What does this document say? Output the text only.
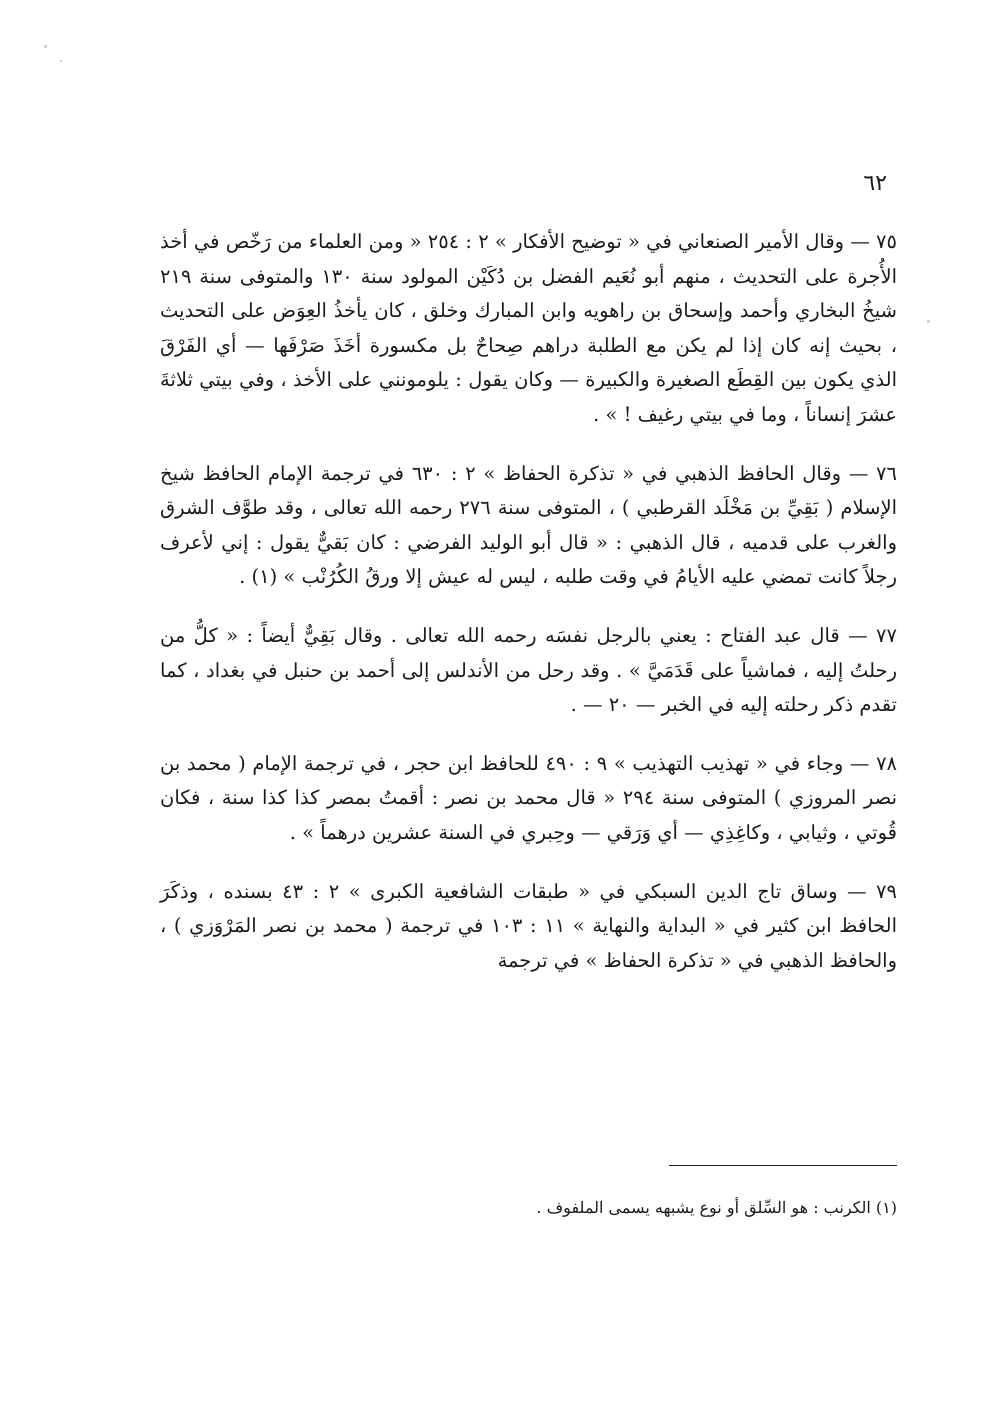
٦٢

٧٥ — وقال الأمير الصنعاني في « توضيح الأفكار » ٢ : ٢٥٤ « ومن العلماء من رَخّص في أخذ الأُجرة على التحديث ، منهم أبو نُعَيم الفضل بن دُكَيْن المولود سنة ١٣٠ والمتوفى سنة ٢١٩ شيخُ البخاري وأحمد وإسحاق بن راهويه وابن المبارك وخلق ، كان يأخذُ العِوَض على التحديث ، بحيث إنه كان إذا لم يكن مع الطلبة دراهم صِحاحٌ بل مكسورة أخَذَ صَرْفَها — أي الفَرْقَ الذي يكون بين القِطَع الصغيرة والكبيرة — وكان يقول : يلومونني على الأخذ ، وفي بيتي ثلاثةَ عشرَ إنساناً ، وما في بيتي رغيف ! » .

٧٦ — وقال الحافظ الذهبي في « تذكرة الحفاظ » ٢ : ٦٣٠ في ترجمة الإمام الحافظ شيخ الإسلام ( بَقِيِّ بن مَخْلَد القرطبي ) ، المتوفى سنة ٢٧٦ رحمه الله تعالى ، وقد طوَّف الشرق والغرب على قدميه ، قال الذهبي : « قال أبو الوليد الفرضي : كان بَقيٌّ يقول : إني لأعرف رجلاً كانت تمضي عليه الأيامُ في وقت طلبه ، ليس له عيش إلا ورقُ الكُرُنْب » (١) .

٧٧ — قال عبد الفتاح : يعني بالرجل نفسَه رحمه الله تعالى . وقال بَقِيٌّ أيضاً : « كلُّ من رحلتُ إليه ، فماشياً على قَدَمَيَّ » . وقد رحل من الأندلس إلى أحمد بن حنبل في بغداد ، كما تقدم ذكر رحلته إليه في الخبر — ٢٠ — .

٧٨ — وجاء في « تهذيب التهذيب » ٩ : ٤٩٠ للحافظ ابن حجر ، في ترجمة الإمام ( محمد بن نصر المروزي ) المتوفى سنة ٢٩٤ « قال محمد بن نصر : أقمتُ بمصر كذا كذا سنة ، فكان قُوتي ، وثيابي ، وكاغِذِي — أي وَرَقي — وحِبري في السنة عشرين درهماً » .

٧٩ — وساق تاج الدين السبكي في « طبقات الشافعية الكبرى » ٢ : ٤٣ بسنده ، وذكَرَ الحافظ ابن كثير في « البداية والنهاية » ١١ : ١٠٣ في ترجمة ( محمد بن نصر المَرْوَزي ) ، والحافظ الذهبي في « تذكرة الحفاظ » في ترجمة

(١) الكرنب : هو السِّلق أو نوع يشبهه يسمى الملفوف .
